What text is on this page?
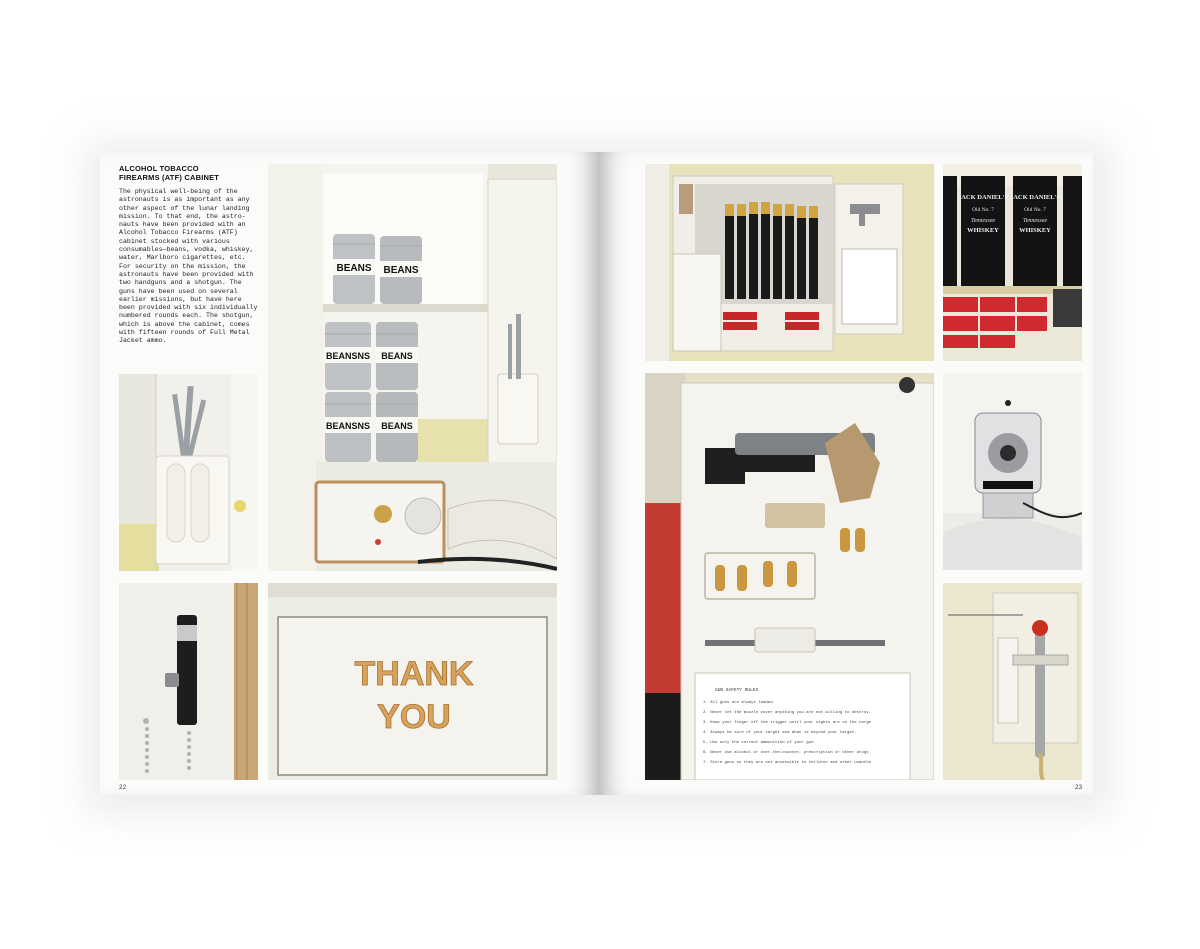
ALCOHOL TOBACCO
FIREARMS (ATF) CABINET
The physical well-being of the
astronauts is as important as any
other aspect of the lunar landing
mission. To that end, the astro-
nauts have been provided with an
Alcohol Tobacco Firearms (ATF)
cabinet stocked with various
consumables—beans, vodka, whiskey,
water, Marlboro cigarettes, etc.
For security on the mission, the
astronauts have been provided with
two handguns and a shotgun. The
guns have been used on several
earlier missions, but have here
been provided with six individually
numbered rounds each. The shotgun,
which is above the cabinet, comes
with fifteen rounds of Full Metal
Jacket ammo.
BEANS BEANS
BEANSNS BEANS
BEANSNS BEANS
THANK
YOU
22
JACK DANIEL'S
Old No. 7
Tennessee
WHISKEY
JACK DANIEL'S
Old No. 7
Tennessee
WHISKEY
GUN SAFETY RULES
1. All guns are always loaded.
2. Never let the muzzle cover anything you are not willing to destroy.
3. Keep your finger off the trigger until your sights are on the targe
4. Always be sure of your target and what is beyond your target.
5. Use only the correct ammunition of your gun.
6. Never use alcohol or over-the-counter, prescription or other drugs
7. Store guns so they are not accessible to children and other unautho
23
